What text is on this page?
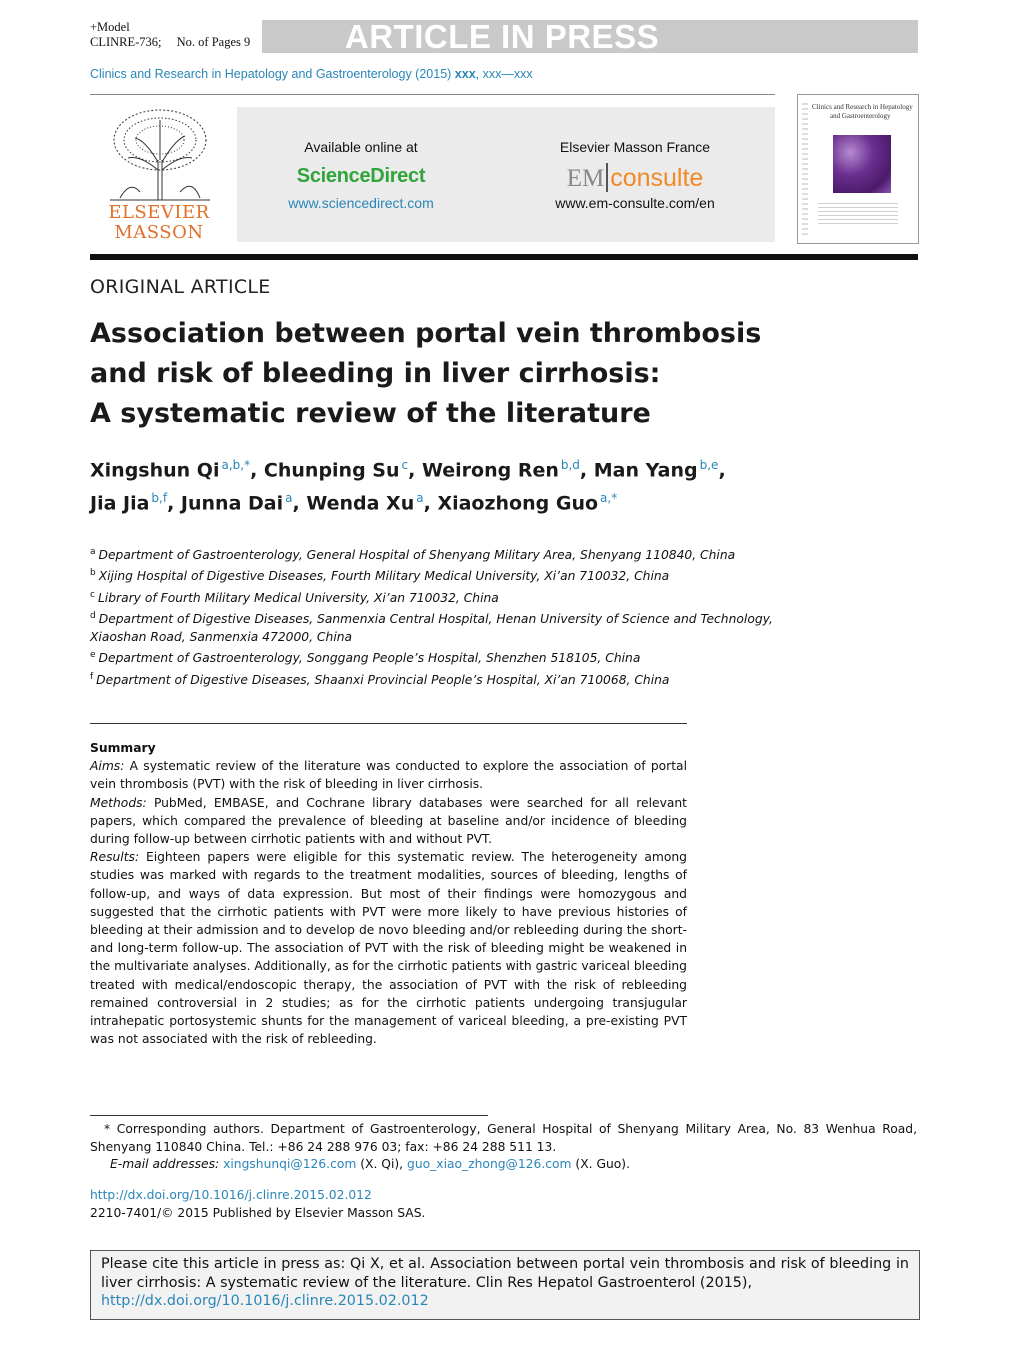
+Model
CLINRE-736; No. of Pages 9	ARTICLE IN PRESS
Clinics and Research in Hepatology and Gastroenterology (2015) xxx, xxx—xxx
ELSEVIER
MASSON
Available online at
ScienceDirect
www.sciencedirect.com
Elsevier Masson France
EM consulte
www.em-consulte.com/en
Clinics and Research in Hepatology
and Gastroenterology
ORIGINAL ARTICLE
Association between portal vein thrombosis
and risk of bleeding in liver cirrhosis:
A systematic review of the literature
Xingshun Qi $^{a,b,*}$, Chunping Su $^c$, Weirong Ren $^{b,d}$, Man Yang $^{b,e}$,
Jia Jia $^{b,f}$, Junna Dai $^a$, Wenda Xu $^a$, Xiaozhong Guo $^{a,*}$
$^a$ Department of Gastroenterology, General Hospital of Shenyang Military Area, Shenyang 110840, China
$^b$ Xijing Hospital of Digestive Diseases, Fourth Military Medical University, Xi’an 710032, China
$^c$ Library of Fourth Military Medical University, Xi’an 710032, China
$^d$ Department of Digestive Diseases, Sanmenxia Central Hospital, Henan University of Science and Technology, Xiaoshan Road, Sanmenxia 472000, China
$^e$ Department of Gastroenterology, Songgang People’s Hospital, Shenzhen 518105, China
$^f$ Department of Digestive Diseases, Shaanxi Provincial People’s Hospital, Xi’an 710068, China

Summary

Aims: A systematic review of the literature was conducted to explore the association of portal vein thrombosis (PVT) with the risk of bleeding in liver cirrhosis.

Methods: PubMed, EMBASE, and Cochrane library databases were searched for all relevant papers, which compared the prevalence of bleeding at baseline and/or incidence of bleeding during follow-up between cirrhotic patients with and without PVT.

Results: Eighteen papers were eligible for this systematic review. The heterogeneity among studies was marked with regards to the treatment modalities, sources of bleeding, lengths of follow-up, and ways of data expression. But most of their findings were homozygous and suggested that the cirrhotic patients with PVT were more likely to have previous histories of bleeding at their admission and to develop de novo bleeding and/or rebleeding during the short- and long-term follow-up. The association of PVT with the risk of bleeding might be weakened in the multivariate analyses. Additionally, as for the cirrhotic patients with gastric variceal bleeding treated with medical/endoscopic therapy, the association of PVT with the risk of rebleeding remained controversial in 2 studies; as for the cirrhotic patients undergoing transjugular intrahepatic portosystemic shunts for the management of variceal bleeding, a pre-existing PVT was not associated with the risk of rebleeding.

* Corresponding authors. Department of Gastroenterology, General Hospital of Shenyang Military Area, No. 83 Wenhua Road, Shenyang 110840 China. Tel.: +86 24 288 976 03; fax: +86 24 288 511 13.
E-mail addresses: xingshunqi@126.com (X. Qi), guo_xiao_zhong@126.com (X. Guo).
http://dx.doi.org/10.1016/j.clinre.2015.02.012
2210-7401/© 2015 Published by Elsevier Masson SAS.
Please cite this article in press as: Qi X, et al. Association between portal vein thrombosis and risk of bleeding in liver cirrhosis: A systematic review of the literature. Clin Res Hepatol Gastroenterol (2015),
http://dx.doi.org/10.1016/j.clinre.2015.02.012
